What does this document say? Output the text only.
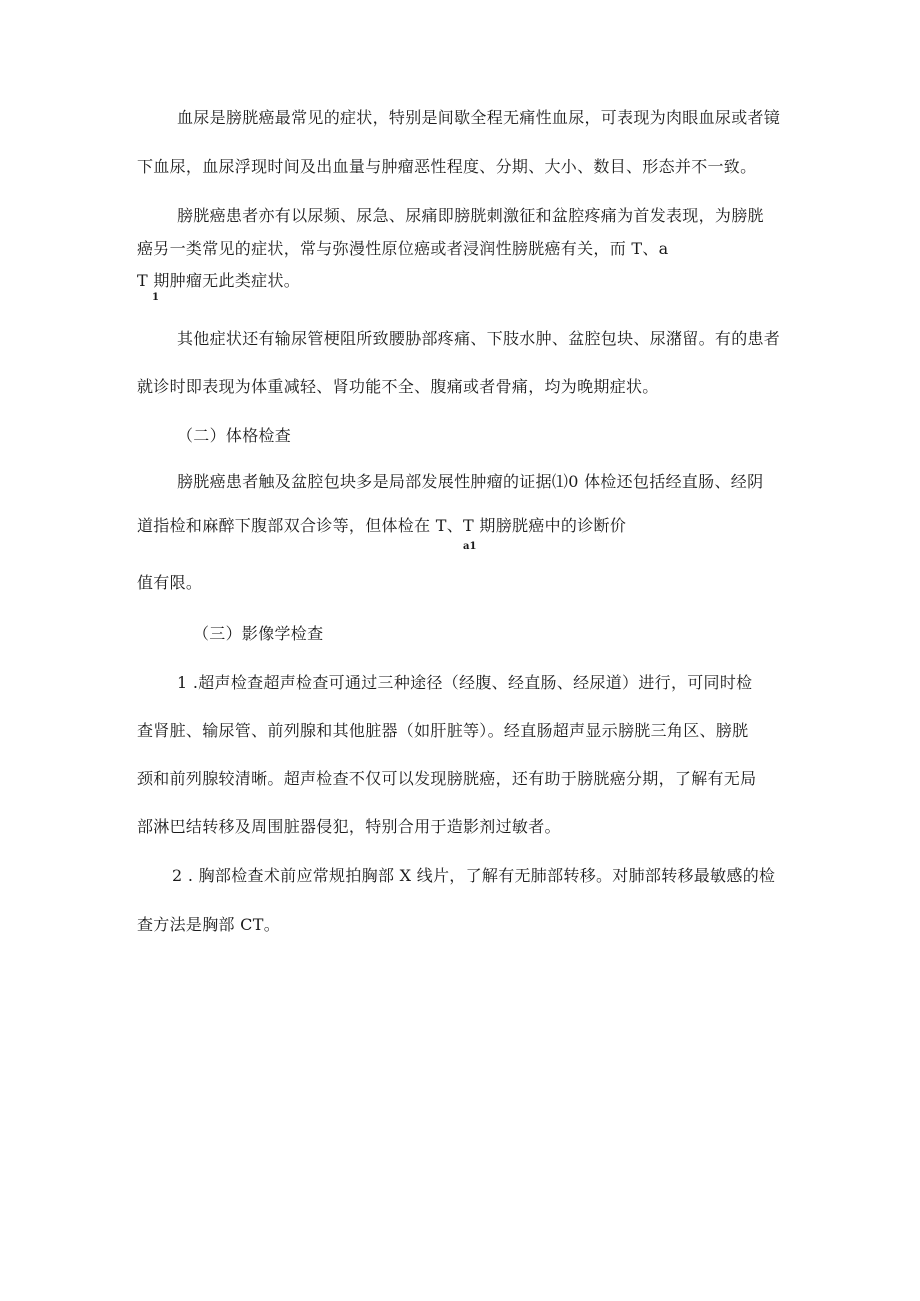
血尿是膀胱癌最常见的症状，特别是间歇全程无痛性血尿，可表现为肉眼血尿或者镜
下血尿，血尿浮现时间及出血量与肿瘤恶性程度、分期、大小、数目、形态并不一致。
膀胱癌患者亦有以尿频、尿急、尿痛即膀胱刺激征和盆腔疼痛为首发表现，为膀胱
癌另一类常见的症状，常与弥漫性原位癌或者浸润性膀胱癌有关，而 T、a
T 期肿瘤无此类症状。
1
其他症状还有输尿管梗阻所致腰胁部疼痛、下肢水肿、盆腔包块、尿潴留。有的患者
就诊时即表现为体重减轻、肾功能不全、腹痛或者骨痛，均为晚期症状。
（二）体格检查
膀胱癌患者触及盆腔包块多是局部发展性肿瘤的证据⑴0 体检还包括经直肠、经阴
道指检和麻醉下腹部双合诊等，但体检在 T、T 期膀胱癌中的诊断价
a1
值有限。
（三）影像学检查
1 .超声检查超声检查可通过三种途径（经腹、经直肠、经尿道）进行，可同时检
查肾脏、输尿管、前列腺和其他脏器（如肝脏等）。经直肠超声显示膀胱三角区、膀胱
颈和前列腺较清晰。超声检查不仅可以发现膀胱癌，还有助于膀胱癌分期，了解有无局
部淋巴结转移及周围脏器侵犯，特别合用于造影剂过敏者。
2 . 胸部检查术前应常规拍胸部 X 线片，了解有无肺部转移。对肺部转移最敏感的检
查方法是胸部 CT。
